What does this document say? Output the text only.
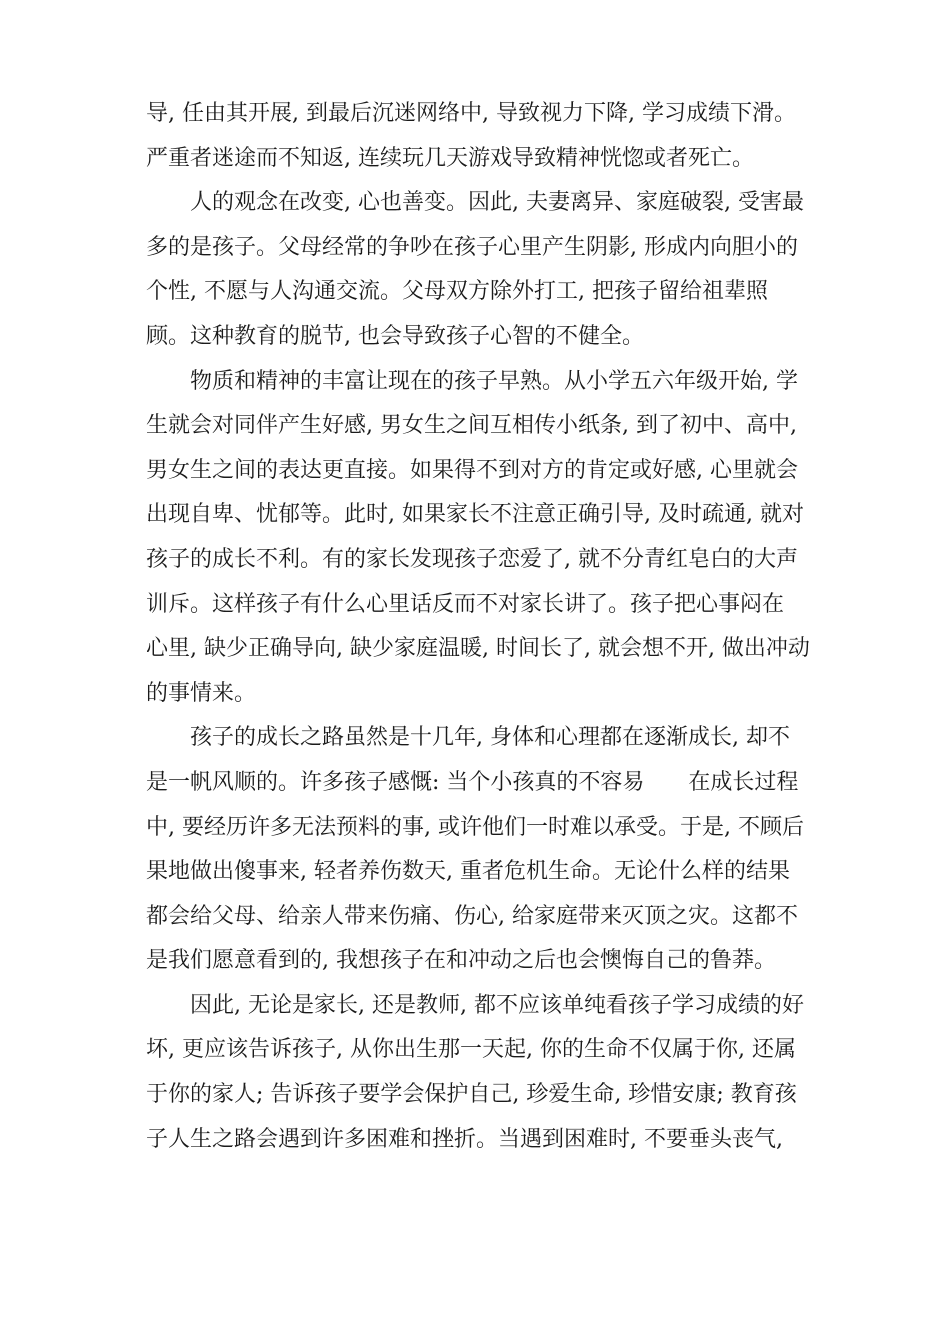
导, 任由其开展, 到最后沉迷网络中, 导致视力下降, 学习成绩下滑。
严重者迷途而不知返, 连续玩几天游戏导致精神恍惚或者死亡。
人的观念在改变, 心也善变。因此, 夫妻离异、家庭破裂, 受害最
多的是孩子。父母经常的争吵在孩子心里产生阴影, 形成内向胆小的
个性, 不愿与人沟通交流。父母双方除外打工, 把孩子留给祖辈照
顾。这种教育的脱节, 也会导致孩子心智的不健全。
物质和精神的丰富让现在的孩子早熟。从小学五六年级开始, 学
生就会对同伴产生好感, 男女生之间互相传小纸条, 到了初中、高中,
男女生之间的表达更直接。如果得不到对方的肯定或好感, 心里就会
出现自卑、忧郁等。此时, 如果家长不注意正确引导, 及时疏通, 就对
孩子的成长不利。有的家长发现孩子恋爱了, 就不分青红皂白的大声
训斥。这样孩子有什么心里话反而不对家长讲了。孩子把心事闷在
心里, 缺少正确导向, 缺少家庭温暖, 时间长了, 就会想不开, 做出冲动
的事情来。
孩子的成长之路虽然是十几年, 身体和心理都在逐渐成长, 却不
是一帆风顺的。许多孩子感慨: 当个小孩真的不容易　　在成长过程
中, 要经历许多无法预料的事, 或许他们一时难以承受。于是, 不顾后
果地做出傻事来, 轻者养伤数天, 重者危机生命。无论什么样的结果
都会给父母、给亲人带来伤痛、伤心, 给家庭带来灭顶之灾。这都不
是我们愿意看到的, 我想孩子在和冲动之后也会懊悔自己的鲁莽。
因此, 无论是家长, 还是教师, 都不应该单纯看孩子学习成绩的好
坏, 更应该告诉孩子, 从你出生那一天起, 你的生命不仅属于你, 还属
于你的家人; 告诉孩子要学会保护自己, 珍爱生命, 珍惜安康; 教育孩
子人生之路会遇到许多困难和挫折。当遇到困难时, 不要垂头丧气,
